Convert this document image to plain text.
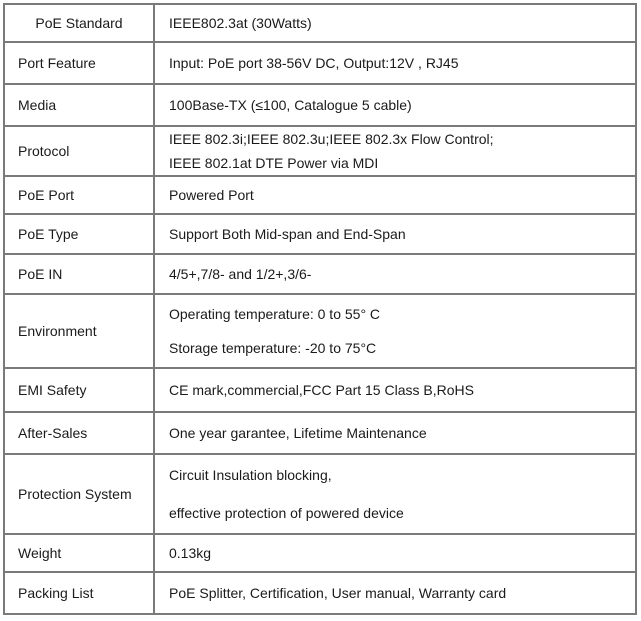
PoE Standard	IEEE802.3at (30Watts)

Port Feature	Input: PoE port 38-56V DC, Output:12V , RJ45

Media	100Base-TX (≤100, Catalogue 5 cable)

Protocol	IEEE 802.3i;IEEE 802.3u;IEEE 802.3x Flow Control;
IEEE 802.1at DTE Power via MDI

PoE Port	Powered Port

PoE Type	Support Both Mid-span and End-Span

PoE IN	4/5+,7/8- and 1/2+,3/6-

Environment	Operating temperature: 0 to 55° C
Storage temperature: -20 to 75°C

EMI Safety	CE mark,commercial,FCC Part 15 Class B,RoHS

After-Sales	One year garantee, Lifetime Maintenance

Protection System	Circuit Insulation blocking,
effective protection of powered device

Weight	0.13kg

Packing List	PoE Splitter, Certification, User manual, Warranty card
